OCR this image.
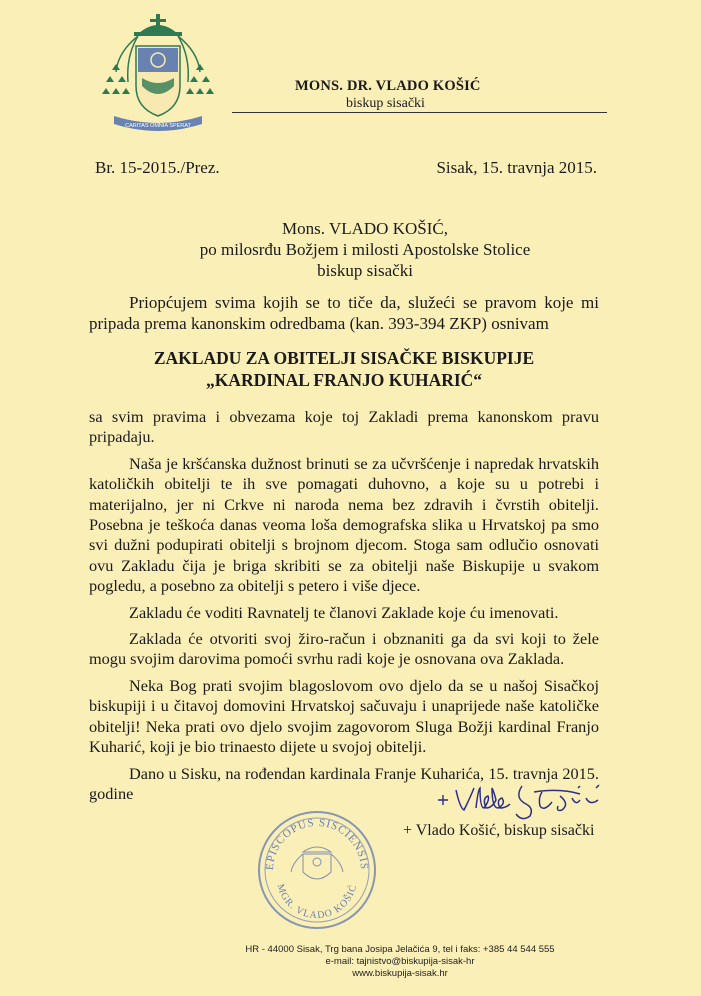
CARITAS OMNIA SPERAT
MONS. DR. VLADO KOŠIĆ
biskup sisački
Br. 15-2015./Prez.	Sisak, 15. travnja 2015.
Mons. VLADO KOŠIĆ,
po milosrđu Božjem i milosti Apostolske Stolice
biskup sisački

Priopćujem svima kojih se to tiče da, služeći se pravom koje mi pripada prema kanonskim odredbama (kan. 393-394 ZKP) osnivam

ZAKLADU ZA OBITELJI SISAČKE BISKUPIJE
„KARDINAL FRANJO KUHARIĆ“

sa svim pravima i obvezama koje toj Zakladi prema kanonskom pravu pripadaju.

Naša je kršćanska dužnost brinuti se za učvršćenje i napredak hrvatskih katoličkih obitelji te ih sve pomagati duhovno, a koje su u potrebi i materijalno, jer ni Crkve ni naroda nema bez zdravih i čvrstih obitelji. Posebna je teškoća danas veoma loša demografska slika u Hrvatskoj pa smo svi dužni podupirati obitelji s brojnom djecom. Stoga sam odlučio osnovati ovu Zakladu čija je briga skribiti se za obitelji naše Biskupije u svakom pogledu, a posebno za obitelji s petero i više djece.

Zakladu će voditi Ravnatelj te članovi Zaklade koje ću imenovati.

Zaklada će otvoriti svoj žiro-račun i obznaniti ga da svi koji to žele mogu svojim darovima pomoći svrhu radi koje je osnovana ova Zaklada.

Neka Bog prati svojim blagoslovom ovo djelo da se u našoj Sisačkoj biskupiji i u čitavoj domovini Hrvatskoj sačuvaju i unaprijede naše katoličke obitelji! Neka prati ovo djelo svojim zagovorom Sluga Božji kardinal Franjo Kuharić, koji je bio trinaesto dijete u svojoj obitelji.

Dano u Sisku, na rođendan kardinala Franje Kuharića, 15. travnja 2015. godine

+ Vlado Košić, biskup sisački
EPISCOPUS SISCIENSIS
MGR. VLADO KOŠIĆ
HR - 44000 Sisak, Trg bana Josipa Jelačića 9, tel i faks: +385 44 544 555
e-mail: tajnistvo@biskupija-sisak-hr
www.biskupija-sisak.hr
